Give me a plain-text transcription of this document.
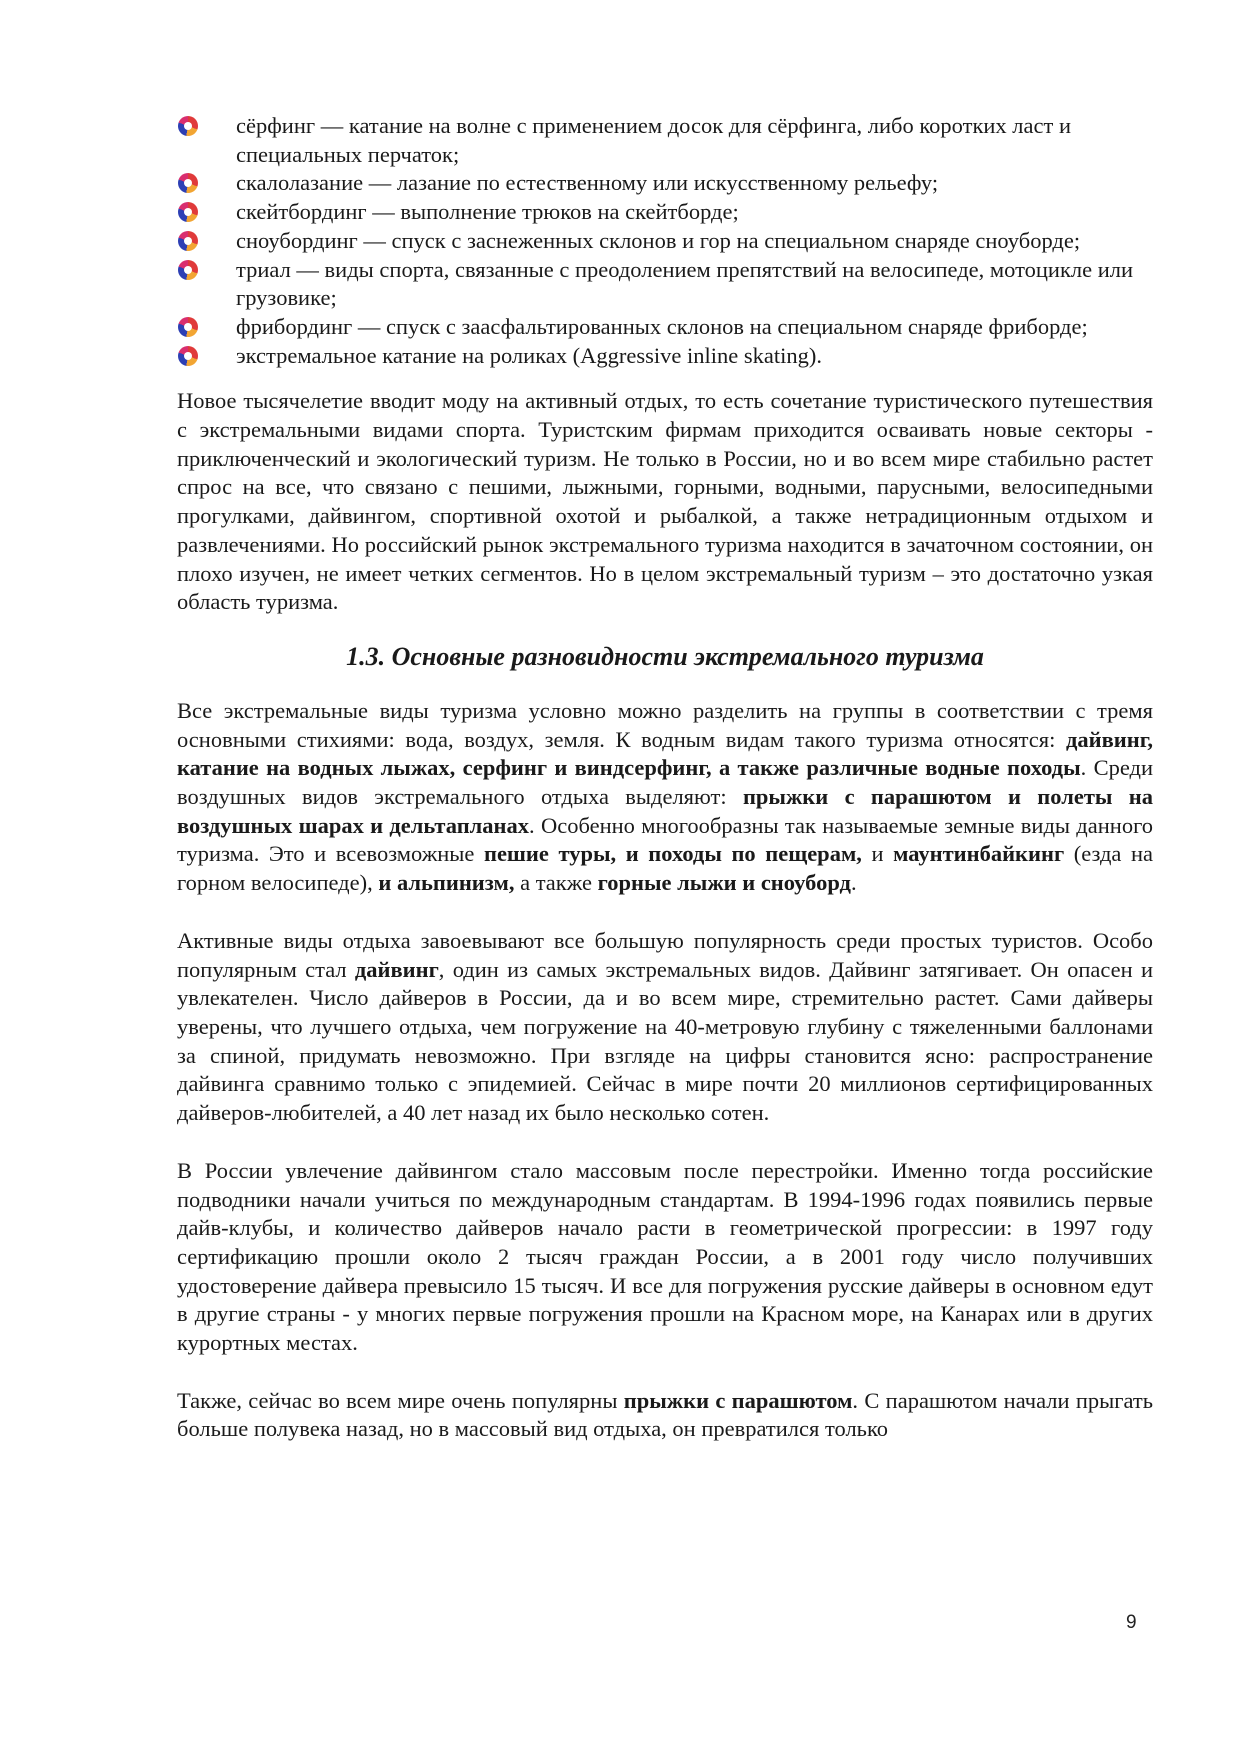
сёрфинг — катание на волне с применением досок для сёрфинга, либо коротких ласт и специальных перчаток;
скалолазание — лазание по естественному или искусственному рельефу;
скейтбординг — выполнение трюков на скейтборде;
сноубординг — спуск с заснеженных склонов и гор на специальном снаряде сноуборде;
триал — виды спорта, связанные с преодолением препятствий на велосипеде, мотоцикле или грузовике;
фрибординг — спуск с заасфальтированных склонов на специальном снаряде фриборде;
экстремальное катание на роликах (Aggressive inline skating).

Новое тысячелетие вводит моду на активный отдых, то есть сочетание туристического путешествия с экстремальными видами спорта. Туристским фирмам приходится осваивать новые секторы - приключенческий и экологический туризм. Не только в России, но и во всем мире стабильно растет спрос на все, что связано с пешими, лыжными, горными, водными, парусными, велосипедными прогулками, дайвингом, спортивной охотой и рыбалкой, а также нетрадиционным отдыхом и развлечениями. Но российский рынок экстремального туризма находится в зачаточном состоянии, он плохо изучен, не имеет четких сегментов. Но в целом экстремальный туризм – это достаточно узкая область туризма.

1.3. Основные разновидности экстремального туризма

Все экстремальные виды туризма условно можно разделить на группы в соответствии с тремя основными стихиями: вода, воздух, земля. К водным видам такого туризма относятся: дайвинг, катание на водных лыжах, серфинг и виндсерфинг, а также различные водные походы. Среди воздушных видов экстремального отдыха выделяют: прыжки с парашютом и полеты на воздушных шарах и дельтапланах. Особенно многообразны так называемые земные виды данного туризма. Это и всевозможные пешие туры, и походы по пещерам, и маунтинбайкинг (езда на горном велосипеде), и альпинизм, а также горные лыжи и сноуборд.

Активные виды отдыха завоевывают все большую популярность среди простых туристов. Особо популярным стал дайвинг, один из самых экстремальных видов. Дайвинг затягивает. Он опасен и увлекателен. Число дайверов в России, да и во всем мире, стремительно растет. Сами дайверы уверены, что лучшего отдыха, чем погружение на 40-метровую глубину с тяжеленными баллонами за спиной, придумать невозможно. При взгляде на цифры становится ясно: распространение дайвинга сравнимо только с эпидемией. Сейчас в мире почти 20 миллионов сертифицированных дайверов-любителей, а 40 лет назад их было несколько сотен.

В России увлечение дайвингом стало массовым после перестройки. Именно тогда российские подводники начали учиться по международным стандартам. В 1994-1996 годах появились первые дайв-клубы, и количество дайверов начало расти в геометрической прогрессии: в 1997 году сертификацию прошли около 2 тысяч граждан России, а в 2001 году число получивших удостоверение дайвера превысило 15 тысяч. И все для погружения русские дайверы в основном едут в другие страны - у многих первые погружения прошли на Красном море, на Канарах или в других курортных местах.

Также, сейчас во всем мире очень популярны прыжки с парашютом. С парашютом начали прыгать больше полувека назад, но в массовый вид отдыха, он превратился только

9
